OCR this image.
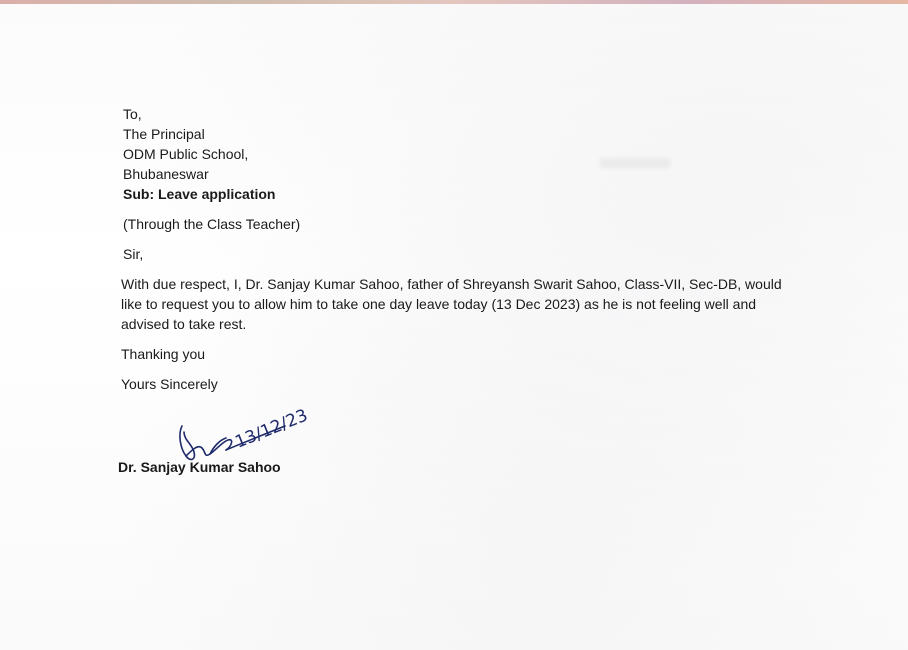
To,
The Principal
ODM Public School,
Bhubaneswar
Sub: Leave application
(Through the Class Teacher)
Sir,
With due respect, I, Dr. Sanjay Kumar Sahoo, father of Shreyansh Swarit Sahoo, Class-VII, Sec-DB, would like to request you to allow him to take one day leave today (13 Dec 2023) as he is not feeling well and advised to take rest.
Thanking you
Yours Sincerely
13/12/23
Dr. Sanjay Kumar Sahoo
